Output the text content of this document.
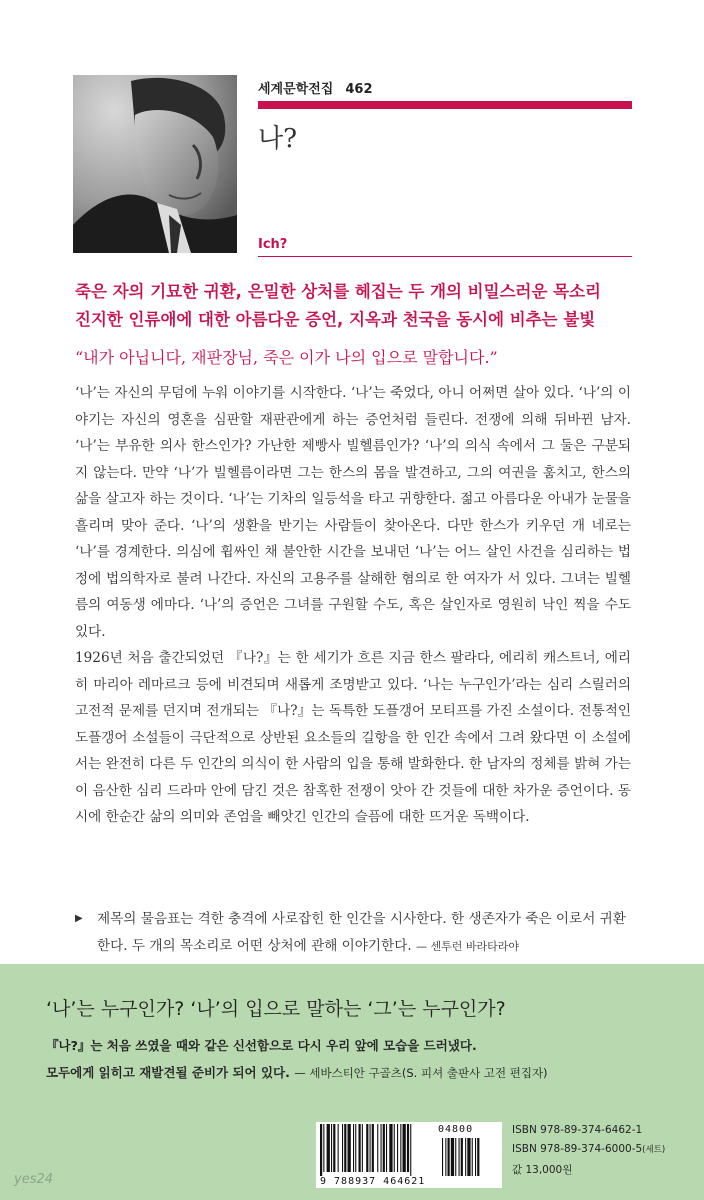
세계문학전집 462
나?
Ich?
죽은 자의 기묘한 귀환, 은밀한 상처를 헤집는 두 개의 비밀스러운 목소리
진지한 인류애에 대한 아름다운 증언, 지옥과 천국을 동시에 비추는 불빛
“내가 아닙니다, 재판장님, 죽은 이가 나의 입으로 말합니다.”

‘나’는 자신의 무덤에 누워 이야기를 시작한다. ‘나’는 죽었다, 아니 어쩌면 살아 있다. ‘나’의 이야기는 자신의 영혼을 심판할 재판관에게 하는 증언처럼 들린다. 전쟁에 의해 뒤바뀐 남자. ‘나’는 부유한 의사 한스인가? 가난한 제빵사 빌헬름인가? ‘나’의 의식 속에서 그 둘은 구분되지 않는다. 만약 ‘나’가 빌헬름이라면 그는 한스의 몸을 발견하고, 그의 여권을 훔치고, 한스의 삶을 살고자 하는 것이다. ‘나’는 기차의 일등석을 타고 귀향한다. 젊고 아름다운 아내가 눈물을 흘리며 맞아 준다. ‘나’의 생환을 반기는 사람들이 찾아온다. 다만 한스가 키우던 개 네로는 ‘나’를 경계한다. 의심에 휩싸인 채 불안한 시간을 보내던 ‘나’는 어느 살인 사건을 심리하는 법정에 법의학자로 불려 나간다. 자신의 고용주를 살해한 혐의로 한 여자가 서 있다. 그녀는 빌헬름의 여동생 에마다. ‘나’의 증언은 그녀를 구원할 수도, 혹은 살인자로 영원히 낙인 찍을 수도 있다.

1926년 처음 출간되었던 『나?』는 한 세기가 흐른 지금 한스 팔라다, 에리히 캐스트너, 에리히 마리아 레마르크 등에 비견되며 새롭게 조명받고 있다. ‘나는 누구인가’라는 심리 스릴러의 고전적 문제를 던지며 전개되는 『나?』는 독특한 도플갱어 모티프를 가진 소설이다. 전통적인 도플갱어 소설들이 극단적으로 상반된 요소들의 길항을 한 인간 속에서 그려 왔다면 이 소설에서는 완전히 다른 두 인간의 의식이 한 사람의 입을 통해 발화한다. 한 남자의 정체를 밝혀 가는 이 음산한 심리 드라마 안에 담긴 것은 참혹한 전쟁이 앗아 간 것들에 대한 차가운 증언이다. 동시에 한순간 삶의 의미와 존엄을 빼앗긴 인간의 슬픔에 대한 뜨거운 독백이다.

▶ 제목의 물음표는 격한 충격에 사로잡힌 한 인간을 시사한다. 한 생존자가 죽은 이로서 귀환한다. 두 개의 목소리로 어떤 상처에 관해 이야기한다. — 센투런 바라타라야
‘나’는 누구인가? ‘나’의 입으로 말하는 ‘그’는 누구인가?
『나?』는 처음 쓰였을 때와 같은 신선함으로 다시 우리 앞에 모습을 드러냈다.
모두에게 읽히고 재발견될 준비가 되어 있다. — 세바스티안 구골츠(S. 피셔 출판사 고전 편집자)
04800
9 788937 464621
ISBN 978-89-374-6462-1
ISBN 978-89-374-6000-5(세트)
값 13,000원
yes24
